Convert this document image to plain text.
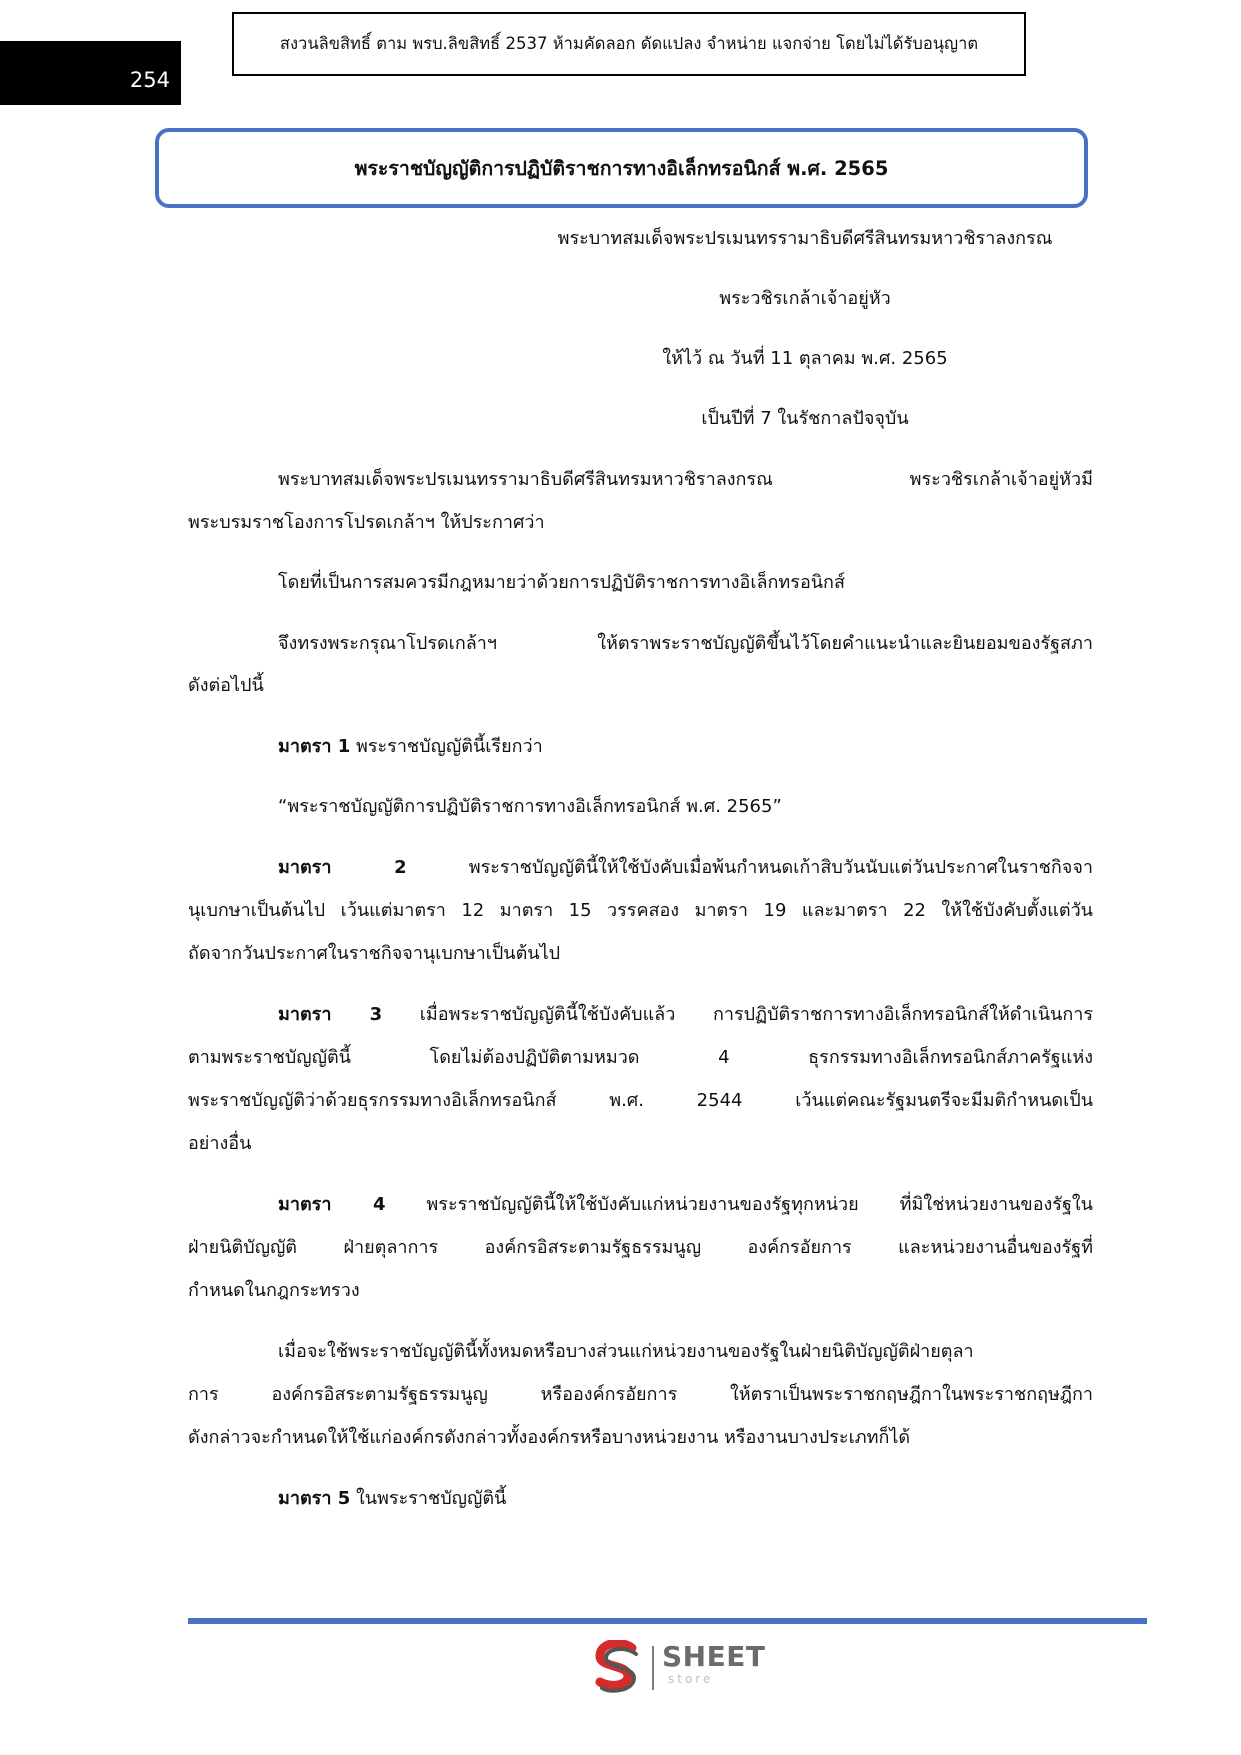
254
สงวนลิขสิทธิ์ ตาม พรบ.ลิขสิทธิ์ 2537 ห้ามคัดลอก ดัดแปลง จำหน่าย แจกจ่าย โดยไม่ได้รับอนุญาต
พระราชบัญญัติการปฏิบัติราชการทางอิเล็กทรอนิกส์ พ.ศ. 2565
พระบาทสมเด็จพระปรเมนทรรามาธิบดีศรีสินทรมหาวชิราลงกรณ
พระวชิรเกล้าเจ้าอยู่หัว
ให้ไว้ ณ วันที่ 11 ตุลาคม พ.ศ. 2565
เป็นปีที่ 7 ในรัชกาลปัจจุบัน
พระบาทสมเด็จพระปรเมนทรรามาธิบดีศรีสินทรมหาวชิราลงกรณ พระวชิรเกล้าเจ้าอยู่หัวมี
พระบรมราชโองการโปรดเกล้าฯ ให้ประกาศว่า
โดยที่เป็นการสมควรมีกฎหมายว่าด้วยการปฏิบัติราชการทางอิเล็กทรอนิกส์
จึงทรงพระกรุณาโปรดเกล้าฯ ให้ตราพระราชบัญญัติขึ้นไว้โดยคำแนะนำและยินยอมของรัฐสภา
ดังต่อไปนี้
มาตรา 1 พระราชบัญญัตินี้เรียกว่า
“พระราชบัญญัติการปฏิบัติราชการทางอิเล็กทรอนิกส์ พ.ศ. 2565”
มาตรา 2 พระราชบัญญัตินี้ให้ใช้บังคับเมื่อพ้นกำหนดเก้าสิบวันนับแต่วันประกาศในราชกิจจา
นุเบกษาเป็นต้นไป เว้นแต่มาตรา 12 มาตรา 15 วรรคสอง มาตรา 19 และมาตรา 22 ให้ใช้บังคับตั้งแต่วัน
ถัดจากวันประกาศในราชกิจจานุเบกษาเป็นต้นไป
มาตรา 3 เมื่อพระราชบัญญัตินี้ใช้บังคับแล้ว การปฏิบัติราชการทางอิเล็กทรอนิกส์ให้ดำเนินการ
ตามพระราชบัญญัตินี้ โดยไม่ต้องปฏิบัติตามหมวด 4 ธุรกรรมทางอิเล็กทรอนิกส์ภาครัฐแห่ง
พระราชบัญญัติว่าด้วยธุรกรรมทางอิเล็กทรอนิกส์ พ.ศ. 2544 เว้นแต่คณะรัฐมนตรีจะมีมติกำหนดเป็น
อย่างอื่น
มาตรา 4 พระราชบัญญัตินี้ให้ใช้บังคับแก่หน่วยงานของรัฐทุกหน่วย ที่มิใช่หน่วยงานของรัฐใน
ฝ่ายนิติบัญญัติ ฝ่ายตุลาการ องค์กรอิสระตามรัฐธรรมนูญ องค์กรอัยการ และหน่วยงานอื่นของรัฐที่
กำหนดในกฎกระทรวง
เมื่อจะใช้พระราชบัญญัตินี้ทั้งหมดหรือบางส่วนแก่หน่วยงานของรัฐในฝ่ายนิติบัญญัติฝ่ายตุลา
การ องค์กรอิสระตามรัฐธรรมนูญ หรือองค์กรอัยการ ให้ตราเป็นพระราชกฤษฎีกาในพระราชกฤษฎีกา
ดังกล่าวจะกำหนดให้ใช้แก่องค์กรดังกล่าวทั้งองค์กรหรือบางหน่วยงาน หรืองานบางประเภทก็ได้
มาตรา 5 ในพระราชบัญญัตินี้
SHEET
store
